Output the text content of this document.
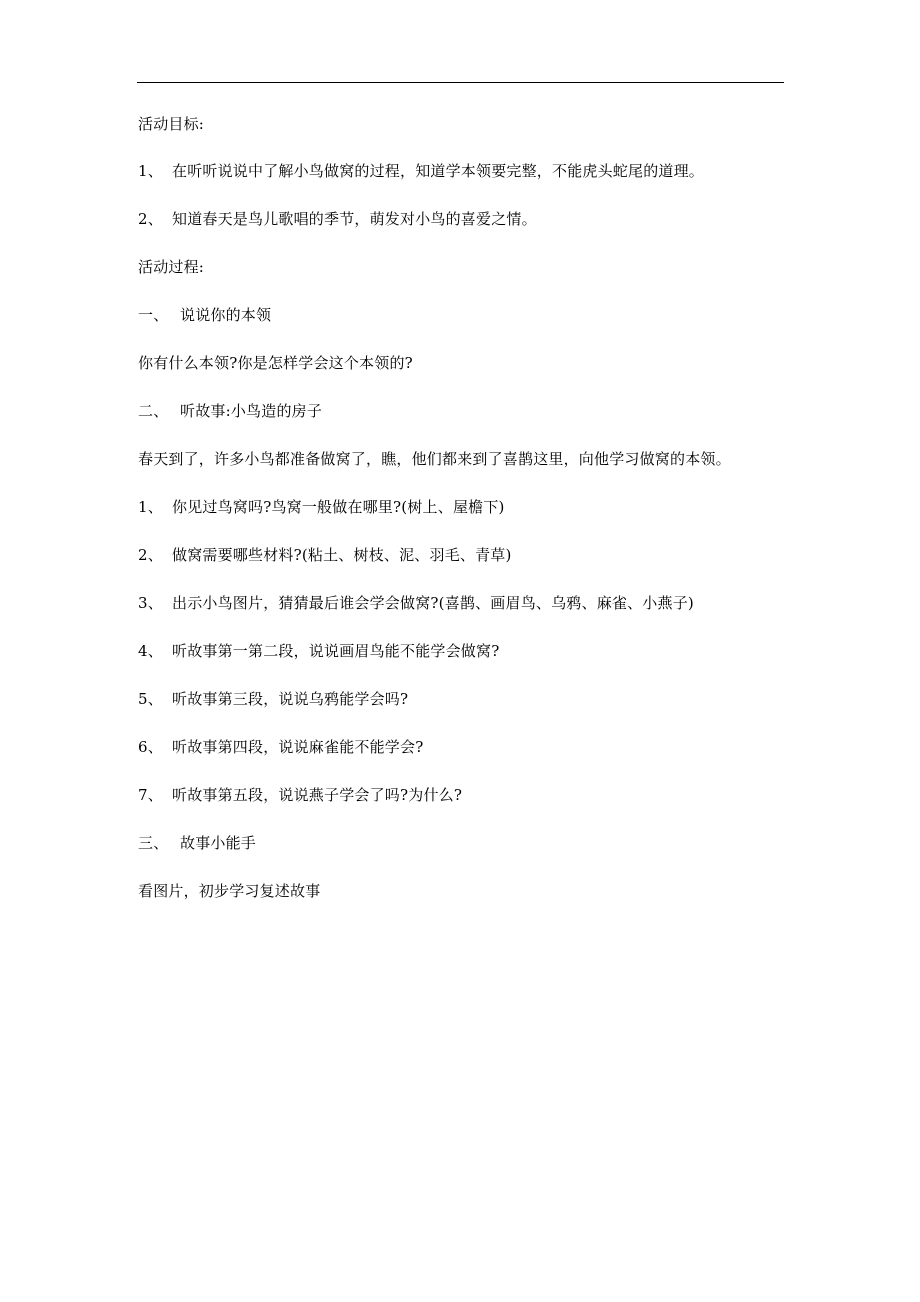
活动目标:
1、 在听听说说中了解小鸟做窝的过程，知道学本领要完整，不能虎头蛇尾的道理。
2、 知道春天是鸟儿歌唱的季节，萌发对小鸟的喜爱之情。
活动过程:
一、 说说你的本领
你有什么本领?你是怎样学会这个本领的?
二、 听故事:小鸟造的房子
春天到了，许多小鸟都准备做窝了，瞧，他们都来到了喜鹊这里，向他学习做窝的本领。
1、 你见过鸟窝吗?鸟窝一般做在哪里?(树上、屋檐下)
2、 做窝需要哪些材料?(粘土、树枝、泥、羽毛、青草)
3、 出示小鸟图片，猜猜最后谁会学会做窝?(喜鹊、画眉鸟、乌鸦、麻雀、小燕子)
4、 听故事第一第二段，说说画眉鸟能不能学会做窝?
5、 听故事第三段，说说乌鸦能学会吗?
6、 听故事第四段，说说麻雀能不能学会?
7、 听故事第五段，说说燕子学会了吗?为什么?
三、 故事小能手
看图片，初步学习复述故事
